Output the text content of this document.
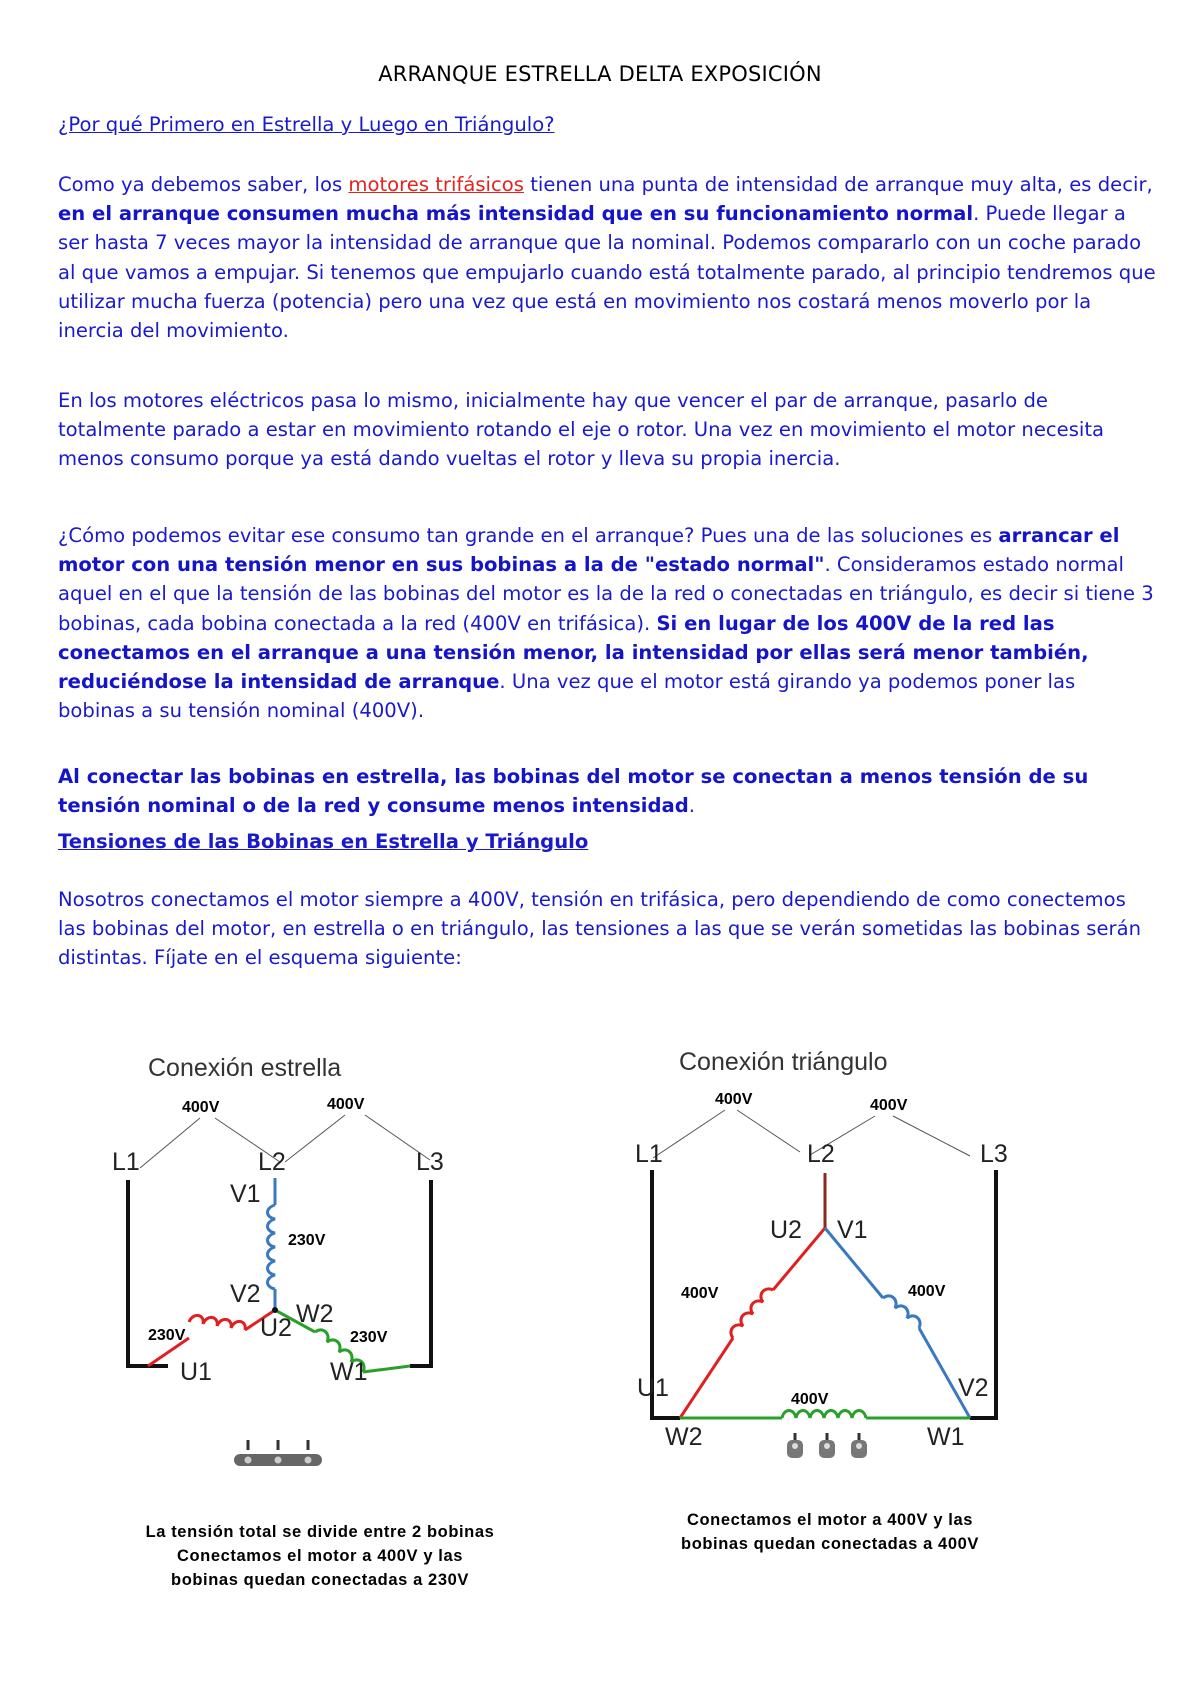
ARRANQUE ESTRELLA DELTA EXPOSICIÓN
¿Por qué Primero en Estrella y Luego en Triángulo?
Como ya debemos saber, los motores trifásicos tienen una punta de intensidad de arranque muy alta, es decir, en el arranque consumen mucha más intensidad que en su funcionamiento normal. Puede llegar a ser hasta 7 veces mayor la intensidad de arranque que la nominal. Podemos compararlo con un coche parado al que vamos a empujar. Si tenemos que empujarlo cuando está totalmente parado, al principio tendremos que utilizar mucha fuerza (potencia) pero una vez que está en movimiento nos costará menos moverlo por la inercia del movimiento.
En los motores eléctricos pasa lo mismo, inicialmente hay que vencer el par de arranque, pasarlo de totalmente parado a estar en movimiento rotando el eje o rotor. Una vez en movimiento el motor necesita menos consumo porque ya está dando vueltas el rotor y lleva su propia inercia.
¿Cómo podemos evitar ese consumo tan grande en el arranque? Pues una de las soluciones es arrancar el motor con una tensión menor en sus bobinas a la de "estado normal". Consideramos estado normal aquel en el que la tensión de las bobinas del motor es la de la red o conectadas en triángulo, es decir si tiene 3 bobinas, cada bobina conectada a la red (400V en trifásica). Si en lugar de los 400V de la red las conectamos en el arranque a una tensión menor, la intensidad por ellas será menor también, reduciéndose la intensidad de arranque. Una vez que el motor está girando ya podemos poner las bobinas a su tensión nominal (400V).
Al conectar las bobinas en estrella, las bobinas del motor se conectan a menos tensión de su tensión nominal o de la red y consume menos intensidad.
Tensiones de las Bobinas en Estrella y Triángulo
Nosotros conectamos el motor siempre a 400V, tensión en trifásica, pero dependiendo de como conectemos las bobinas del motor, en estrella o en triángulo, las tensiones a las que se verán sometidas las bobinas serán distintas. Fíjate en el esquema siguiente:
Conexión estrella
400V	400V
L1	L2	L3
V1
230V
V2
230V	U2
U1
W2
230V
W1
La tensión total se divide entre 2 bobinas
Conectamos el motor a 400V y las
bobinas quedan conectadas a 230V
Conexión triángulo
400V	400V
L1	L2	L3
U2 V1
400V	400V
U1	V2
400V
W2	W1
Conectamos el motor a 400V y las
bobinas quedan conectadas a 400V
